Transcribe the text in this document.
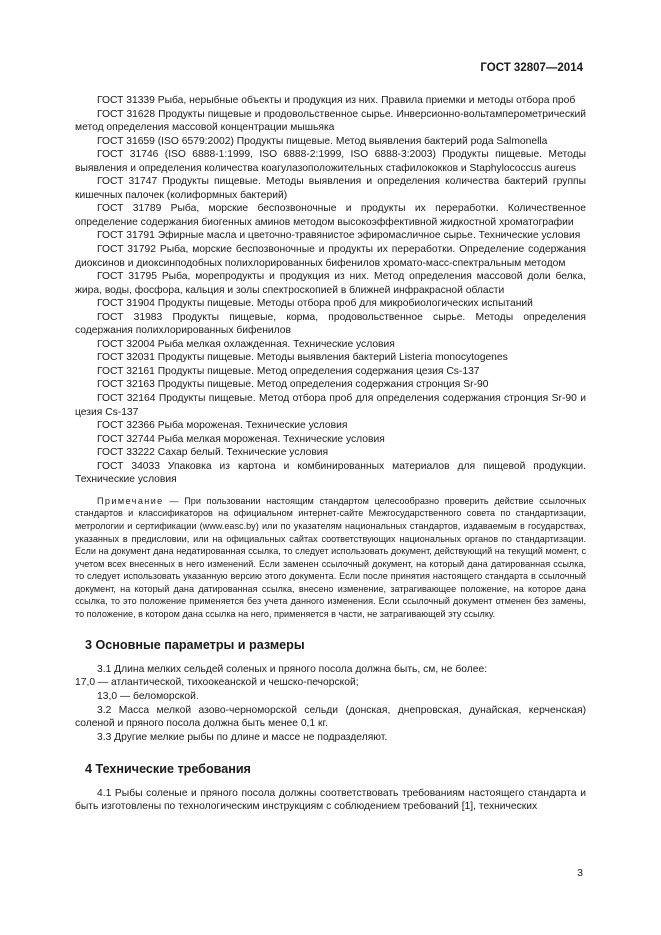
ГОСТ 32807—2014

ГОСТ 31339 Рыба, нерыбные объекты и продукция из них. Правила приемки и методы отбора проб

ГОСТ 31628 Продукты пищевые и продовольственное сырье. Инверсионно-вольтамперометрический метод определения массовой концентрации мышьяка

ГОСТ 31659 (ISO 6579:2002) Продукты пищевые. Метод выявления бактерий рода Salmonella

ГОСТ 31746 (ISO 6888-1:1999, ISO 6888-2:1999, ISO 6888-3:2003) Продукты пищевые. Методы выявления и определения количества коагулазоположительных стафилококков и Staphylococcus aureus

ГОСТ 31747 Продукты пищевые. Методы выявления и определения количества бактерий группы кишечных палочек (колиформных бактерий)

ГОСТ 31789 Рыба, морские беспозвоночные и продукты их переработки. Количественное определение содержания биогенных аминов методом высокоэффективной жидкостной хроматографии

ГОСТ 31791 Эфирные масла и цветочно-травянистое эфиромасличное сырье. Технические условия

ГОСТ 31792 Рыба, морские беспозвоночные и продукты их переработки. Определение содержания диоксинов и диоксинподобных полихлорированных бифенилов хромато-масс-спектральным методом

ГОСТ 31795 Рыба, морепродукты и продукция из них. Метод определения массовой доли белка, жира, воды, фосфора, кальция и золы спектроскопией в ближней инфракрасной области

ГОСТ 31904 Продукты пищевые. Методы отбора проб для микробиологических испытаний

ГОСТ 31983 Продукты пищевые, корма, продовольственное сырье. Методы определения содержания полихлорированных бифенилов

ГОСТ 32004 Рыба мелкая охлажденная. Технические условия

ГОСТ 32031 Продукты пищевые. Методы выявления бактерий Listeria monocytogenes

ГОСТ 32161 Продукты пищевые. Метод определения содержания цезия Cs-137

ГОСТ 32163 Продукты пищевые. Метод определения содержания стронция Sr-90

ГОСТ 32164 Продукты пищевые. Метод отбора проб для определения содержания стронция Sr-90 и цезия Cs-137

ГОСТ 32366 Рыба мороженая. Технические условия

ГОСТ 32744 Рыба мелкая мороженая. Технические условия

ГОСТ 33222 Сахар белый. Технические условия

ГОСТ 34033 Упаковка из картона и комбинированных материалов для пищевой продукции. Технические условия

Примечание — При пользовании настоящим стандартом целесообразно проверить действие ссылочных стандартов и классификаторов на официальном интернет-сайте Межгосударственного совета по стандартизации, метрологии и сертификации (www.easc.by) или по указателям национальных стандартов, издаваемым в государствах, указанных в предисловии, или на официальных сайтах соответствующих национальных органов по стандартизации. Если на документ дана недатированная ссылка, то следует использовать документ, действующий на текущий момент, с учетом всех внесенных в него изменений. Если заменен ссылочный документ, на который дана датированная ссылка, то следует использовать указанную версию этого документа. Если после принятия настоящего стандарта в ссылочный документ, на который дана датированная ссылка, внесено изменение, затрагивающее положение, на которое дана ссылка, то это положение применяется без учета данного изменения. Если ссылочный документ отменен без замены, то положение, в котором дана ссылка на него, применяется в части, не затрагивающей эту ссылку.

3 Основные параметры и размеры

3.1 Длина мелких сельдей соленых и пряного посола должна быть, см, не более:

17,0 — атлантической, тихоокеанской и чешско-печорской;

13,0 — беломорской.

3.2 Масса мелкой азово-черноморской сельди (донская, днепровская, дунайская, керченская) соленой и пряного посола должна быть менее 0,1 кг.

3.3 Другие мелкие рыбы по длине и массе не подразделяют.

4 Технические требования

4.1 Рыбы соленые и пряного посола должны соответствовать требованиям настоящего стандарта и быть изготовлены по технологическим инструкциям с соблюдением требований [1], технических

3
